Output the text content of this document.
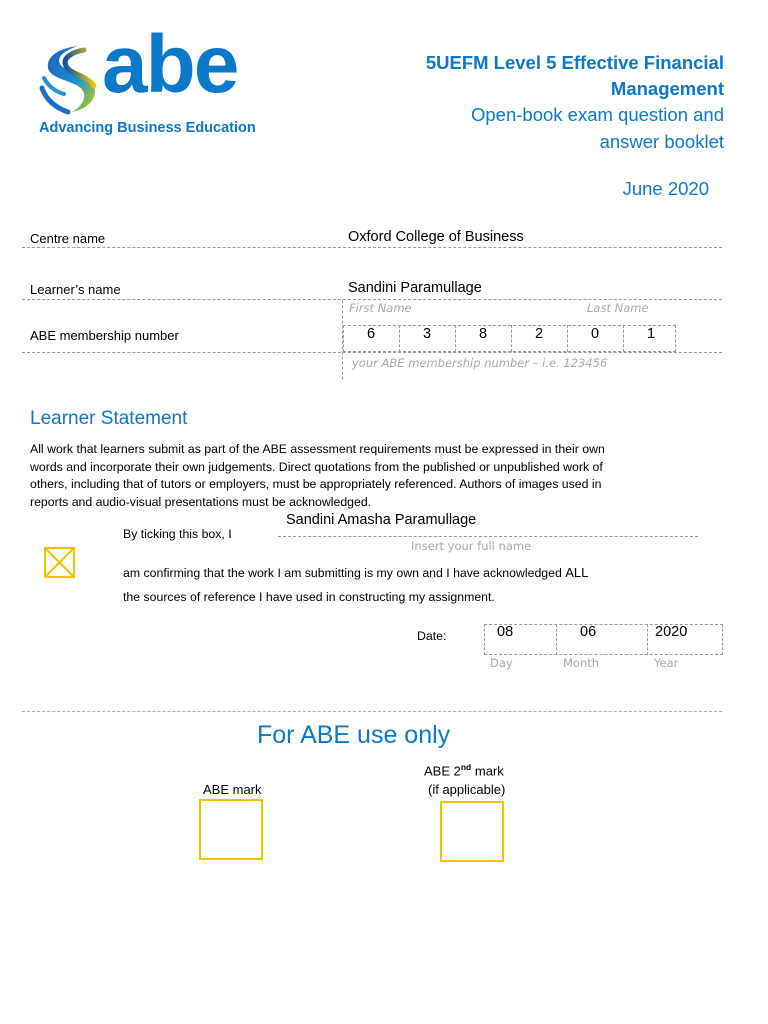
abe
Advancing Business Education
5UEFM Level 5 Effective Financial
Management
Open-book exam question and
answer booklet
June 2020
Centre name	Oxford College of Business
Learner’s name	Sandini Paramullage
First Name	Last Name
ABE membership number	6	3	8	2	0	1
your ABE membership number – i.e. 123456
Learner Statement
All work that learners submit as part of the ABE assessment requirements must be expressed in their own
words and incorporate their own judgements. Direct quotations from the published or unpublished work of
others, including that of tutors or employers, must be appropriately referenced. Authors of images used in
reports and audio-visual presentations must be acknowledged.
Sandini Amasha Paramullage
By ticking this box, I
Insert your full name
am confirming that the work I am submitting is my own and I have acknowledged ALL
the sources of reference I have used in constructing my assignment.
Date:	08	06	2020
Day	Month	Year
For ABE use only
ABE mark
ABE 2nd mark
(if applicable)
